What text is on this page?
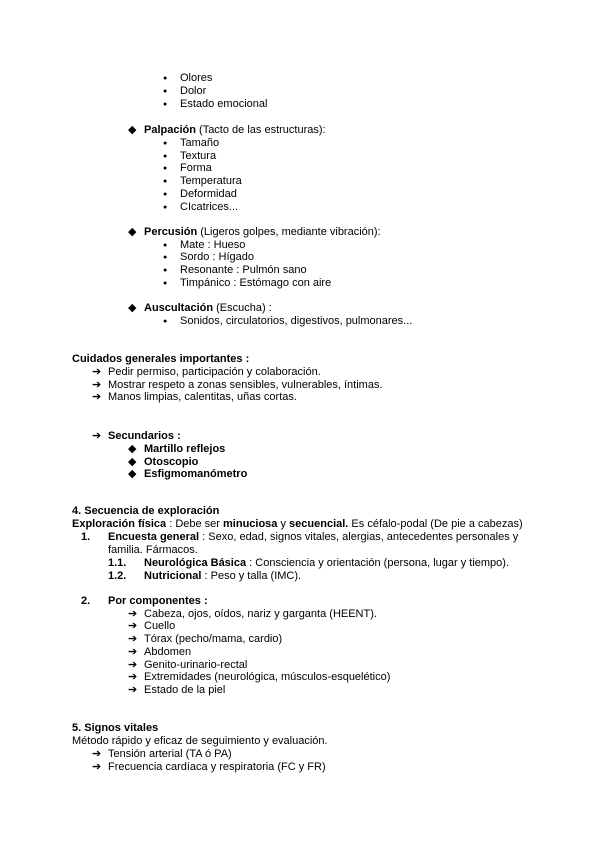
● Olores
● Dolor
● Estado emocional
◆ Palpación (Tacto de las estructuras):
● Tamaño
● Textura
● Forma
● Temperatura
● Deformidad
● CIcatrices...
◆ Percusión (Ligeros golpes, mediante vibración):
● Mate : Hueso
● Sordo : Hígado
● Resonante : Pulmón sano
● Timpánico : Estómago con aire
◆ Auscultación (Escucha) :
● Sonidos, circulatorios, digestivos, pulmonares...
Cuidados generales importantes :
➔ Pedir permiso, participación y colaboración.
➔ Mostrar respeto a zonas sensibles, vulnerables, íntimas.
➔ Manos limpias, calentitas, uñas cortas.
➔ Secundarios :
◆ Martillo reflejos
◆ Otoscopio
◆ Esfigmomanómetro
4. Secuencia de exploración
Exploración física : Debe ser minuciosa y secuencial. Es céfalo-podal (De pie a cabezas)
1. Encuesta general : Sexo, edad, signos vitales, alergias, antecedentes personales y
familia. Fármacos.
1.1. Neurológica Básica : Consciencia y orientación (persona, lugar y tiempo).
1.2. Nutricional : Peso y talla (IMC).
2. Por componentes :
➔ Cabeza, ojos, oídos, nariz y garganta (HEENT).
➔ Cuello
➔ Tórax (pecho/mama, cardio)
➔ Abdomen
➔ Genito-urinario-rectal
➔ Extremidades (neurológica, músculos-esquelético)
➔ Estado de la piel
5. Signos vitales
Método rápido y eficaz de seguimiento y evaluación.
➔ Tensión arterial (TA ó PA)
➔ Frecuencia cardíaca y respiratoria (FC y FR)
